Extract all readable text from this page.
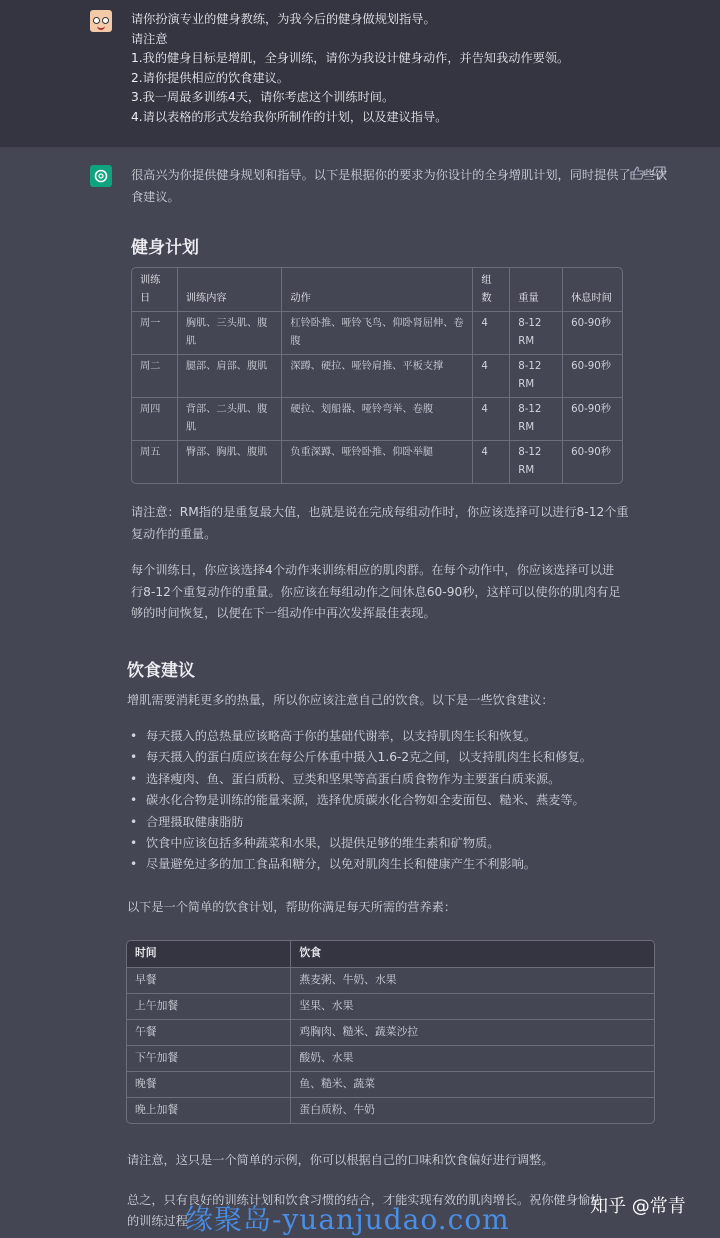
请你扮演专业的健身教练，为我今后的健身做规划指导。
请注意
1.我的健身目标是增肌，全身训练，请你为我设计健身动作，并告知我动作要领。
2.请你提供相应的饮食建议。
3.我一周最多训练4天，请你考虑这个训练时间。
4.请以表格的形式发给我你所制作的计划，以及建议指导。
很高兴为你提供健身规划和指导。以下是根据你的要求为你设计的全身增肌计划，同时提供了一些饮食建议。
健身计划
训练日	训练内容	动作	组数	重量	休息时间
周一	胸肌、三头肌、腹肌	杠铃卧推、哑铃飞鸟、仰卧肾屈伸、卷腹	4	8-12 RM	60-90秒
周二	腿部、肩部、腹肌	深蹲、硬拉、哑铃肩推、平板支撑	4	8-12 RM	60-90秒
周四	背部、二头肌、腹肌	硬拉、划船器、哑铃弯举、卷腹	4	8-12 RM	60-90秒
周五	臀部、胸肌、腹肌	负重深蹲、哑铃卧推、仰卧举腿	4	8-12 RM	60-90秒
请注意：RM指的是重复最大值，也就是说在完成每组动作时，你应该选择可以进行8-12个重复动作的重量。
每个训练日，你应该选择4个动作来训练相应的肌肉群。在每个动作中，你应该选择可以进行8-12个重复动作的重量。你应该在每组动作之间休息60-90秒，这样可以使你的肌肉有足够的时间恢复，以便在下一组动作中再次发挥最佳表现。
饮食建议
增肌需要消耗更多的热量，所以你应该注意自己的饮食。以下是一些饮食建议：
• 每天摄入的总热量应该略高于你的基础代谢率，以支持肌肉生长和恢复。
• 每天摄入的蛋白质应该在每公斤体重中摄入1.6-2克之间，以支持肌肉生长和修复。
• 选择瘦肉、鱼、蛋白质粉、豆类和坚果等高蛋白质食物作为主要蛋白质来源。
• 碳水化合物是训练的能量来源，选择优质碳水化合物如全麦面包、糙米、燕麦等。
• 合理摄取健康脂肪
• 饮食中应该包括多种蔬菜和水果，以提供足够的维生素和矿物质。
• 尽量避免过多的加工食品和糖分，以免对肌肉生长和健康产生不利影响。
以下是一个简单的饮食计划，帮助你满足每天所需的营养素：
时间	饮食
早餐	燕麦粥、牛奶、水果
上午加餐	坚果、水果
午餐	鸡胸肉、糙米、蔬菜沙拉
下午加餐	酸奶、水果
晚餐	鱼、糙米、蔬菜
晚上加餐	蛋白质粉、牛奶
请注意，这只是一个简单的示例，你可以根据自己的口味和饮食偏好进行调整。
总之，只有良好的训练计划和饮食习惯的结合，才能实现有效的肌肉增长。祝你健身愉快
的训练过程
缘聚岛-yuanjudao.com	知乎 @常青
